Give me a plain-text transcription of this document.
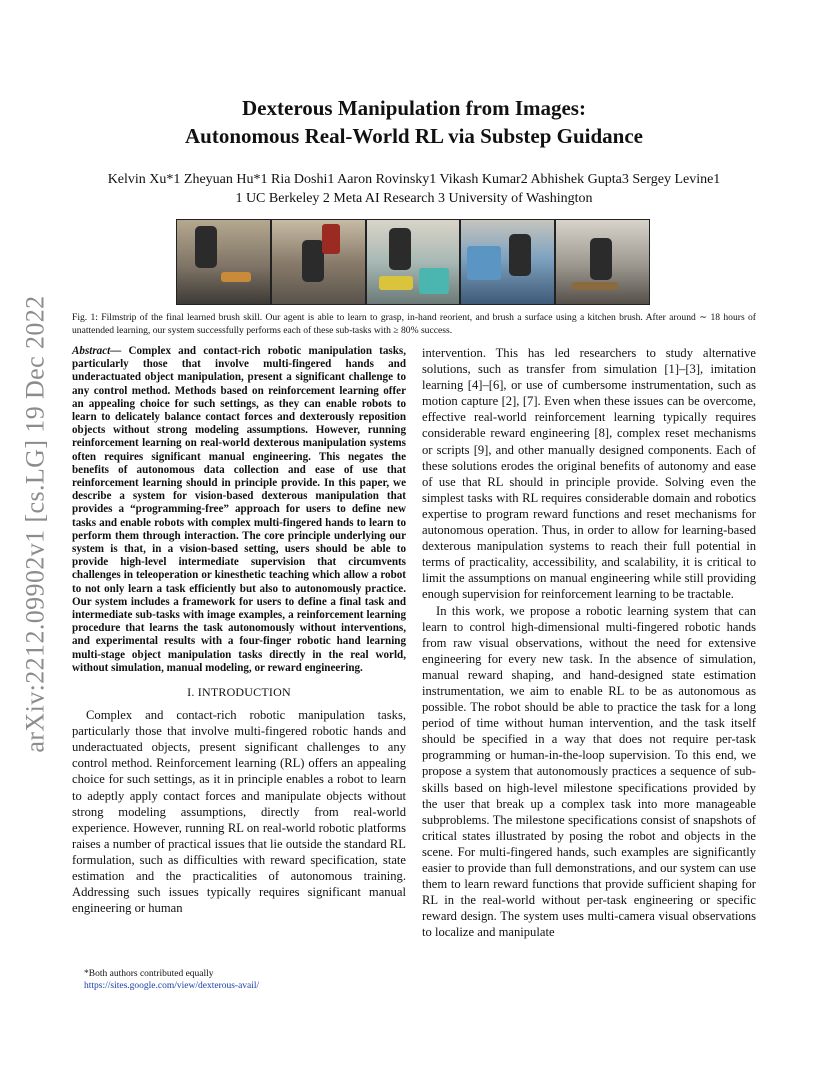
arXiv:2212.09902v1 [cs.LG] 19 Dec 2022
Dexterous Manipulation from Images:
Autonomous Real-World RL via Substep Guidance
Kelvin Xu*1 Zheyuan Hu*1 Ria Doshi1 Aaron Rovinsky1 Vikash Kumar2 Abhishek Gupta3 Sergey Levine1
1 UC Berkeley 2 Meta AI Research 3 University of Washington
Fig. 1: Filmstrip of the final learned brush skill. Our agent is able to learn to grasp, in-hand reorient, and brush a surface using a kitchen brush. After around ∼ 18 hours of unattended learning, our system successfully performs each of these sub-tasks with ≥ 80% success.

Abstract— Complex and contact-rich robotic manipulation tasks, particularly those that involve multi-fingered hands and underactuated object manipulation, present a significant challenge to any control method. Methods based on reinforcement learning offer an appealing choice for such settings, as they can enable robots to learn to delicately balance contact forces and dexterously reposition objects without strong modeling assumptions. However, running reinforcement learning on real-world dexterous manipulation systems often requires significant manual engineering. This negates the benefits of autonomous data collection and ease of use that reinforcement learning should in principle provide. In this paper, we describe a system for vision-based dexterous manipulation that provides a “programming-free” approach for users to define new tasks and enable robots with complex multi-fingered hands to learn to perform them through interaction. The core principle underlying our system is that, in a vision-based setting, users should be able to provide high-level intermediate supervision that circumvents challenges in teleoperation or kinesthetic teaching which allow a robot to not only learn a task efficiently but also to autonomously practice. Our system includes a framework for users to define a final task and intermediate sub-tasks with image examples, a reinforcement learning procedure that learns the task autonomously without interventions, and experimental results with a four-finger robotic hand learning multi-stage object manipulation tasks directly in the real world, without simulation, manual modeling, or reward engineering.

I. INTRODUCTION

Complex and contact-rich robotic manipulation tasks, particularly those that involve multi-fingered robotic hands and underactuated objects, present significant challenges to any control method. Reinforcement learning (RL) offers an appealing choice for such settings, as it in principle enables a robot to learn to adeptly apply contact forces and manipulate objects without strong modeling assumptions, directly from real-world experience. However, running RL on real-world robotic platforms raises a number of practical issues that lie outside the standard RL formulation, such as difficulties with reward specification, state estimation and the practicalities of autonomous training. Addressing such issues typically requires significant manual engineering or human

intervention. This has led researchers to study alternative solutions, such as transfer from simulation [1]–[3], imitation learning [4]–[6], or use of cumbersome instrumentation, such as motion capture [2], [7]. Even when these issues can be overcome, effective real-world reinforcement learning typically requires considerable reward engineering [8], complex reset mechanisms or scripts [9], and other manually designed components. Each of these solutions erodes the original benefits of autonomy and ease of use that RL should in principle provide. Solving even the simplest tasks with RL requires considerable domain and robotics expertise to program reward functions and reset mechanisms for autonomous operation. Thus, in order to allow for learning-based dexterous manipulation systems to reach their full potential in terms of practicality, accessibility, and scalability, it is critical to limit the assumptions on manual engineering while still providing enough supervision for reinforcement learning to be tractable.

In this work, we propose a robotic learning system that can learn to control high-dimensional multi-fingered robotic hands from raw visual observations, without the need for extensive engineering for every new task. In the absence of simulation, manual reward shaping, and hand-designed state estimation instrumentation, we aim to enable RL to be as autonomous as possible. The robot should be able to practice the task for a long period of time without human intervention, and the task itself should be specified in a way that does not require per-task programming or human-in-the-loop supervision. To this end, we propose a system that autonomously practices a sequence of sub-skills based on high-level milestone specifications provided by the user that break up a complex task into more manageable subproblems. The milestone specifications consist of snapshots of critical states illustrated by posing the robot and objects in the scene. For multi-fingered hands, such examples are significantly easier to provide than full demonstrations, and our system can use them to learn reward functions that provide sufficient shaping for RL in the real-world without per-task engineering or specific reward design. The system uses multi-camera visual observations to localize and manipulate

*Both authors contributed equally
https://sites.google.com/view/dexterous-avail/
